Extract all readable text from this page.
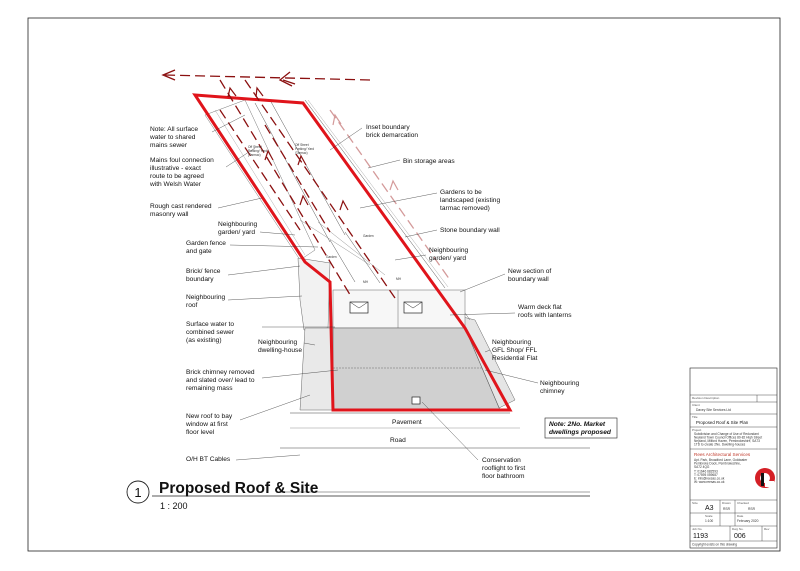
Off Street Parking/ Yard (Tarmac)
Off Street Parking/ Yard (Tarmac)
Garden
Garden
MH
MH
Note: All surface water to shared mains sewer
Mains foul connection illustrative - exact route to be agreed with Welsh Water
Rough cast rendered masonry wall
Neighbouring garden/ yard
Garden fence and gate
Brick/ fence boundary
Neighbouring roof
Surface water to combined sewer (as existing)	Neighbouring dwelling-house
Brick chimney removed and slated over/ lead to remaining mass
New roof to bay window at first floor level
O/H BT Cables
Inset boundary brick demarcation
Bin storage areas
Gardens to be landscaped (existing tarmac removed)
Stone boundary wall
Neighbouring garden/ yard
New section of boundary wall
Warm deck flat roofs with lanterns
Neighbouring GFL Shop/ FFL Residential Flat
Neighbouring chimney
Pavement
Road
Conservation rooflight to first floor bathroom
Note: 2No. Market dwellings proposed
1 Proposed Roof & Site
1 : 200
Revision Description
Client
Davey Site Services Ltd
Title
Proposed Roof & Site Plan
Project
Subdivision and Change of Use of Redundant Neyland Town Council Offices 80-82 High Street Neyland, Milford Haven, Pembrokeshire, SA73 1TD to create 2No. Dwelling-houses
Rees Architectural Services
Apt. Park, Broadford Lane, Goldwater Pembroke Dock, Pembrokeshire, SA72 4QG T: 01646 682593 T: 07595 059687 E: info@reesas.co.uk W: www.reesas.co.uk
Size
A3
Drawn
RSR
Checked
RSR
Scale
1:100
Date
February 2020
Job No.
1193
Dwg No.
006
Rev
Copyright exists on this drawing
